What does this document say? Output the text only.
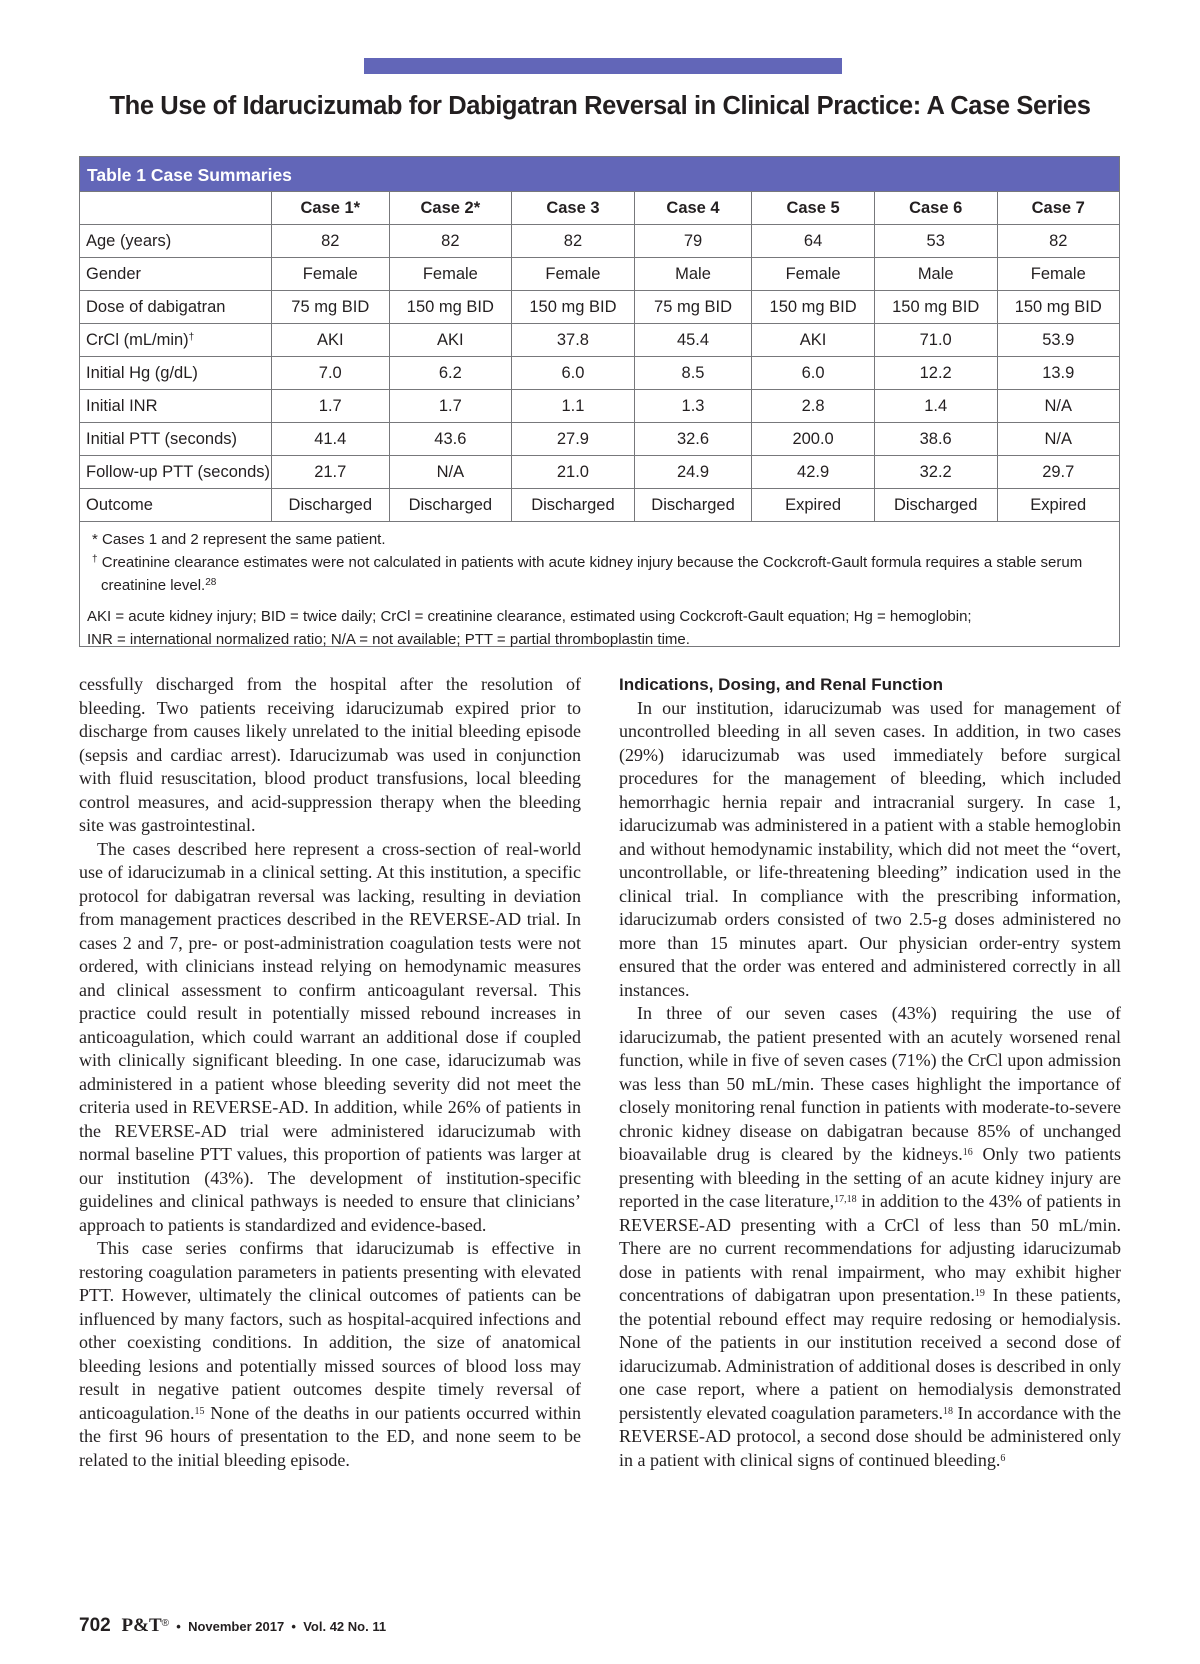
The Use of Idarucizumab for Dabigatran Reversal in Clinical Practice: A Case Series
Table 1 Case Summaries
	Case 1*	Case 2*	Case 3	Case 4	Case 5	Case 6	Case 7
Age (years)	82	82	82	79	64	53	82
Gender	Female	Female	Female	Male	Female	Male	Female
Dose of dabigatran	75 mg BID	150 mg BID	150 mg BID	75 mg BID	150 mg BID	150 mg BID	150 mg BID
CrCl (mL/min)†	AKI	AKI	37.8	45.4	AKI	71.0	53.9
Initial Hg (g/dL)	7.0	6.2	6.0	8.5	6.0	12.2	13.9
Initial INR	1.7	1.7	1.1	1.3	2.8	1.4	N/A
Initial PTT (seconds)	41.4	43.6	27.9	32.6	200.0	38.6	N/A
Follow-up PTT (seconds)	21.7	N/A	21.0	24.9	42.9	32.2	29.7
Outcome	Discharged	Discharged	Discharged	Discharged	Expired	Discharged	Expired

* Cases 1 and 2 represent the same patient.

† Creatinine clearance estimates were not calculated in patients with acute kidney injury because the Cockcroft-Gault formula requires a stable serum creatinine level.$^{28}$

AKI = acute kidney injury; BID = twice daily; CrCl = creatinine clearance, estimated using Cockcroft-Gault equation; Hg = hemoglobin;

INR = international normalized ratio; N/A = not available; PTT = partial thromboplastin time.

cessfully discharged from the hospital after the resolution of bleeding. Two patients receiving idarucizumab expired prior to discharge from causes likely unrelated to the initial bleeding episode (sepsis and cardiac arrest). Idarucizumab was used in conjunction with fluid resuscitation, blood product transfusions, local bleeding control measures, and acid-suppression therapy when the bleeding site was gastrointestinal.

The cases described here represent a cross-section of real-world use of idarucizumab in a clinical setting. At this institution, a specific protocol for dabigatran reversal was lacking, resulting in deviation from management practices described in the REVERSE-AD trial. In cases 2 and 7, pre- or post-administration coagulation tests were not ordered, with clinicians instead relying on hemodynamic measures and clinical assessment to confirm anticoagulant reversal. This practice could result in potentially missed rebound increases in anticoagulation, which could warrant an additional dose if coupled with clinically significant bleeding. In one case, idarucizumab was administered in a patient whose bleeding severity did not meet the criteria used in REVERSE-AD. In addition, while 26% of patients in the REVERSE-AD trial were administered idarucizumab with normal baseline PTT values, this proportion of patients was larger at our institution (43%). The development of institution-specific guidelines and clinical pathways is needed to ensure that clinicians’ approach to patients is standardized and evidence-based.

This case series confirms that idarucizumab is effective in restoring coagulation parameters in patients presenting with elevated PTT. However, ultimately the clinical outcomes of patients can be influenced by many factors, such as hospital-acquired infections and other coexisting conditions. In addition, the size of anatomical bleeding lesions and potentially missed sources of blood loss may result in negative patient outcomes despite timely reversal of anticoagulation.$^{15}$ None of the deaths in our patients occurred within the first 96 hours of presentation to the ED, and none seem to be related to the initial bleeding episode.

Indications, Dosing, and Renal Function

In our institution, idarucizumab was used for management of uncontrolled bleeding in all seven cases. In addition, in two cases (29%) idarucizumab was used immediately before surgical procedures for the management of bleeding, which included hemorrhagic hernia repair and intracranial surgery. In case 1, idarucizumab was administered in a patient with a stable hemoglobin and without hemodynamic instability, which did not meet the “overt, uncontrollable, or life-threatening bleeding” indication used in the clinical trial. In compliance with the prescribing information, idarucizumab orders consisted of two 2.5-g doses administered no more than 15 minutes apart. Our physician order-entry system ensured that the order was entered and administered correctly in all instances.

In three of our seven cases (43%) requiring the use of idarucizumab, the patient presented with an acutely worsened renal function, while in five of seven cases (71%) the CrCl upon admission was less than 50 mL/min. These cases highlight the importance of closely monitoring renal function in patients with moderate-to-severe chronic kidney disease on dabigatran because 85% of unchanged bioavailable drug is cleared by the kidneys.$^{16}$ Only two patients presenting with bleeding in the setting of an acute kidney injury are reported in the case literature,$^{17,18}$ in addition to the 43% of patients in REVERSE-AD presenting with a CrCl of less than 50 mL/min. There are no current recommendations for adjusting idarucizumab dose in patients with renal impairment, who may exhibit higher concentrations of dabigatran upon presentation.$^{19}$ In these patients, the potential rebound effect may require redosing or hemodialysis. None of the patients in our institution received a second dose of idarucizumab. Administration of additional doses is described in only one case report, where a patient on hemodialysis demonstrated persistently elevated coagulation parameters.$^{18}$ In accordance with the REVERSE-AD protocol, a second dose should be administered only in a patient with clinical signs of continued bleeding.$^6$

702 P&T® • November 2017 • Vol. 42 No. 11
